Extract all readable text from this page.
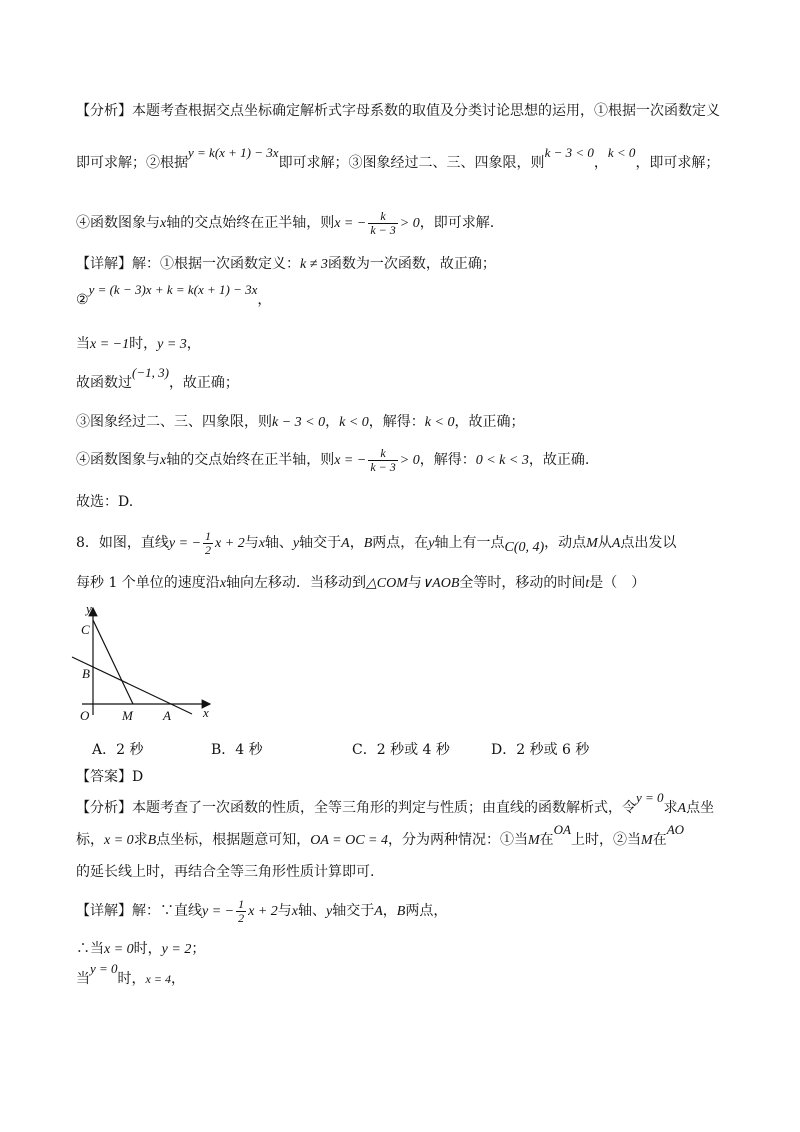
【分析】本题考查根据交点坐标确定解析式字母系数的取值及分类讨论思想的运用，①根据一次函数定义
即可求解；②根据y = k(x + 1) − 3x即可求解；③图象经过二、三、四象限，则k − 3 < 0，k < 0，即可求解；
④函数图象与x轴的交点始终在正半轴，则x = − $\frac{k}{k - 3} > 0$，即可求解.
【详解】解：①根据一次函数定义：k ≠ 3函数为一次函数，故正确；
②y = (k − 3)x + k = k(x + 1) − 3x，
当x = −1时，y = 3，
故函数过(−1, 3)，故正确；
③图象经过二、三、四象限，则k − 3 < 0，k < 0，解得：k < 0，故正确；
④函数图象与x轴的交点始终在正半轴，则x = − $\frac{k}{k - 3} > 0$，解得：0 < k < 3，故正确.
故选：D.
8．如图，直线y = − $\frac{1}{2}$ x + 2与x轴、y轴交于A，B两点，在y轴上有一点C(0, 4)，动点M从A点出发以
每秒 1 个单位的速度沿x轴向左移动．当移动到△COM与∨AOB全等时，移动的时间t是（　）
y
C
B
O	M A x
A．2 秒	B．4 秒	C．2 秒或 4 秒	D．2 秒或 6 秒
【答案】D
【分析】本题考查了一次函数的性质，全等三角形的判定与性质；由直线的函数解析式，令y = 0求A点坐
标，x = 0求B点坐标，根据题意可知，OA = OC = 4，分为两种情况：①当M在OA上时，②当M在AO
的延长线上时，再结合全等三角形性质计算即可.
【详解】解：∵直线y = − $\frac{1}{2}$ x + 2与x轴、y轴交于A，B两点，
∴当x = 0时，y = 2；
当y = 0时，x = 4，
